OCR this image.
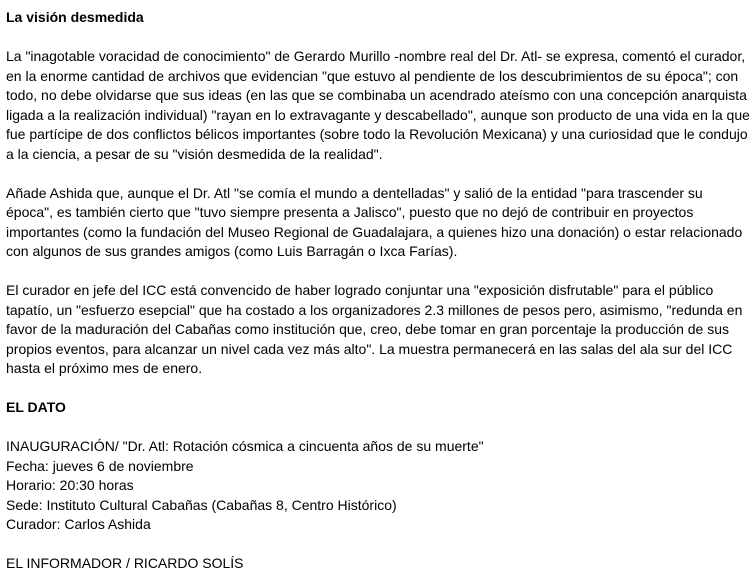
La visión desmedida

La "inagotable voracidad de conocimiento" de Gerardo Murillo -nombre real del Dr. Atl- se expresa, comentó el curador, en la enorme cantidad de archivos que evidencian "que estuvo al pendiente de los descubrimientos de su época"; con todo, no debe olvidarse que sus ideas (en las que se combinaba un acendrado ateísmo con una concepción anarquista ligada a la realización individual) "rayan en lo extravagante y descabellado", aunque son producto de una vida en la que fue partícipe de dos conflictos bélicos importantes (sobre todo la Revolución Mexicana) y una curiosidad que le condujo a la ciencia, a pesar de su "visión desmedida de la realidad".

Añade Ashida que, aunque el Dr. Atl "se comía el mundo a dentelladas" y salió de la entidad "para trascender su época", es también cierto que "tuvo siempre presenta a Jalisco", puesto que no dejó de contribuir en proyectos importantes (como la fundación del Museo Regional de Guadalajara, a quienes hizo una donación) o estar relacionado con algunos de sus grandes amigos (como Luis Barragán o Ixca Farías).

El curador en jefe del ICC está convencido de haber logrado conjuntar una "exposición disfrutable" para el público tapatío, un "esfuerzo esepcial" que ha costado a los organizadores 2.3 millones de pesos pero, asimismo, "redunda en favor de la maduración del Cabañas como institución que, creo, debe tomar en gran porcentaje la producción de sus propios eventos, para alcanzar un nivel cada vez más alto". La muestra permanecerá en las salas del ala sur del ICC hasta el próximo mes de enero.

EL DATO

INAUGURACIÓN/ "Dr. Atl: Rotación cósmica a cincuenta años de su muerte"
Fecha: jueves 6 de noviembre
Horario: 20:30 horas
Sede: Instituto Cultural Cabañas (Cabañas 8, Centro Histórico)
Curador: Carlos Ashida

EL INFORMADOR / RICARDO SOLÍS
